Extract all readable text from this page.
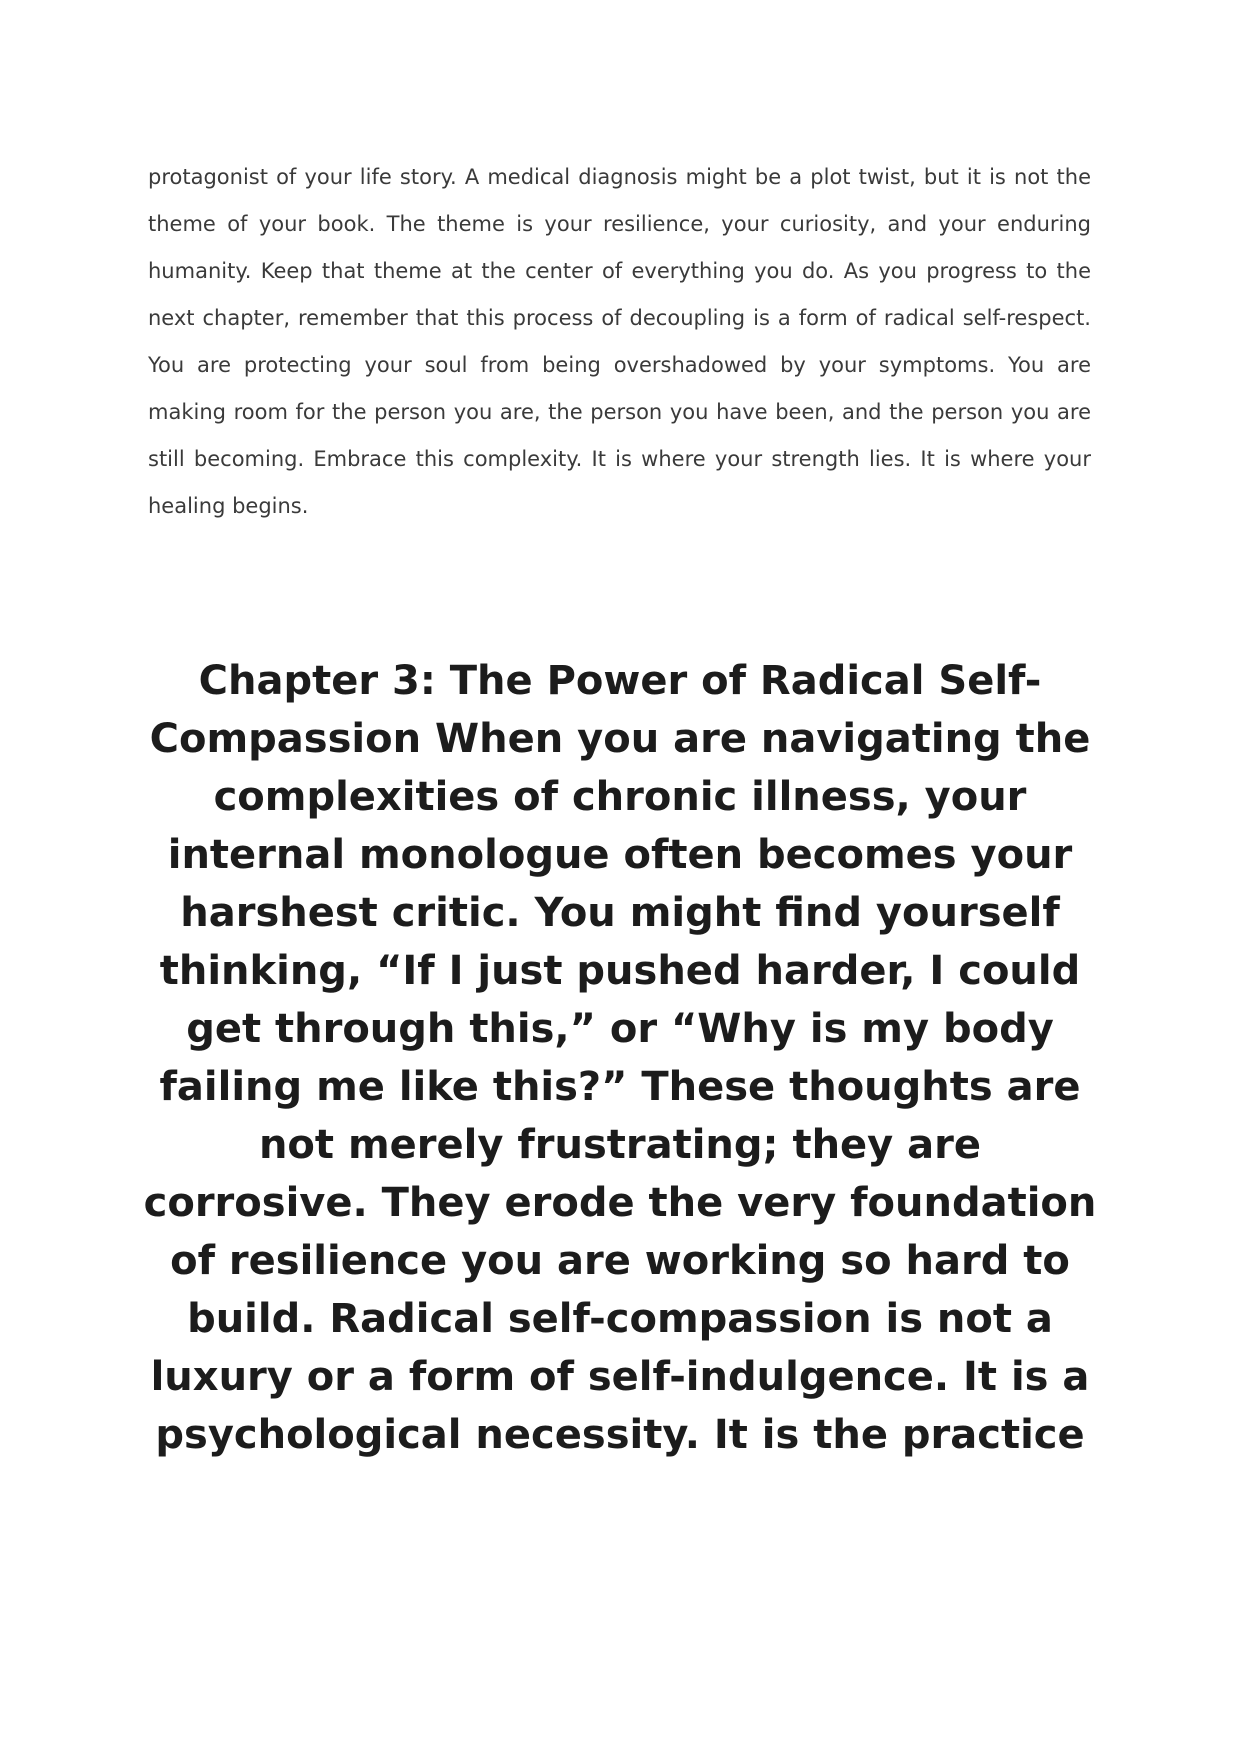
protagonist of your life story. A medical diagnosis might be a plot twist, but it is not the theme of your book. The theme is your resilience, your curiosity, and your enduring humanity. Keep that theme at the center of everything you do. As you progress to the next chapter, remember that this process of decoupling is a form of radical self-respect. You are protecting your soul from being overshadowed by your symptoms. You are making room for the person you are, the person you have been, and the person you are still becoming. Embrace this complexity. It is where your strength lies. It is where your healing begins.

Chapter 3: The Power of Radical Self-Compassion When you are navigating the complexities of chronic illness, your internal monologue often becomes your harshest critic. You might find yourself thinking, “If I just pushed harder, I could get through this,” or “Why is my body failing me like this?” These thoughts are not merely frustrating; they are corrosive. They erode the very foundation of resilience you are working so hard to build. Radical self-compassion is not a luxury or a form of self-indulgence. It is a psychological necessity. It is the practice
